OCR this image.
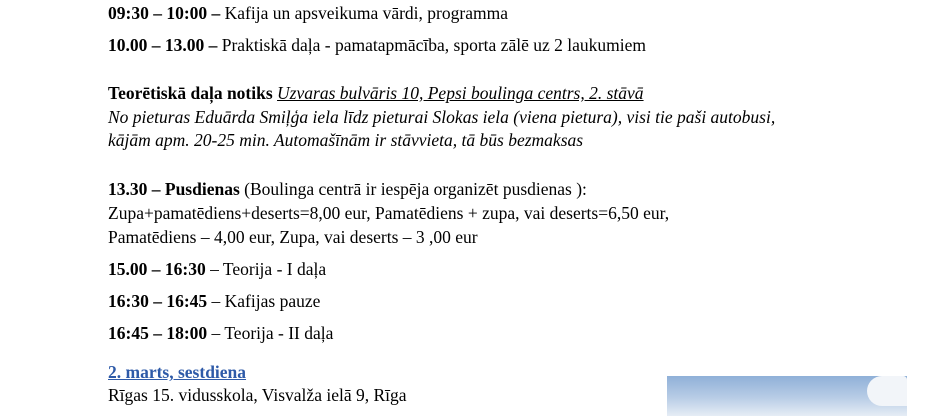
09:30 – 10:00 – Kafija un apsveikuma vārdi, programma
10.00 – 13.00 – Praktiskā daļa - pamatapmācība, sporta zālē uz 2 laukumiem
Teorētiskā daļa notiks Uzvaras bulvāris 10, Pepsi boulinga centrs, 2. stāvā
No pieturas Eduārda Smiļģa iela līdz pieturai Slokas iela (viena pietura), visi tie paši autobusi,
kājām apm. 20-25 min. Automašīnām ir stāvvieta, tā būs bezmaksas
13.30 – Pusdienas (Boulinga centrā ir iespēja organizēt pusdienas ):
Zupa+pamatēdiens+deserts=8,00 eur, Pamatēdiens + zupa, vai deserts=6,50 eur,
Pamatēdiens – 4,00 eur, Zupa, vai deserts – 3 ,00 eur
15.00 – 16:30 – Teorija - I daļa
16:30 – 16:45 – Kafijas pauze
16:45 – 18:00 – Teorija - II daļa
2. marts, sestdiena
Rīgas 15. vidusskola, Visvalža ielā 9, Rīga
